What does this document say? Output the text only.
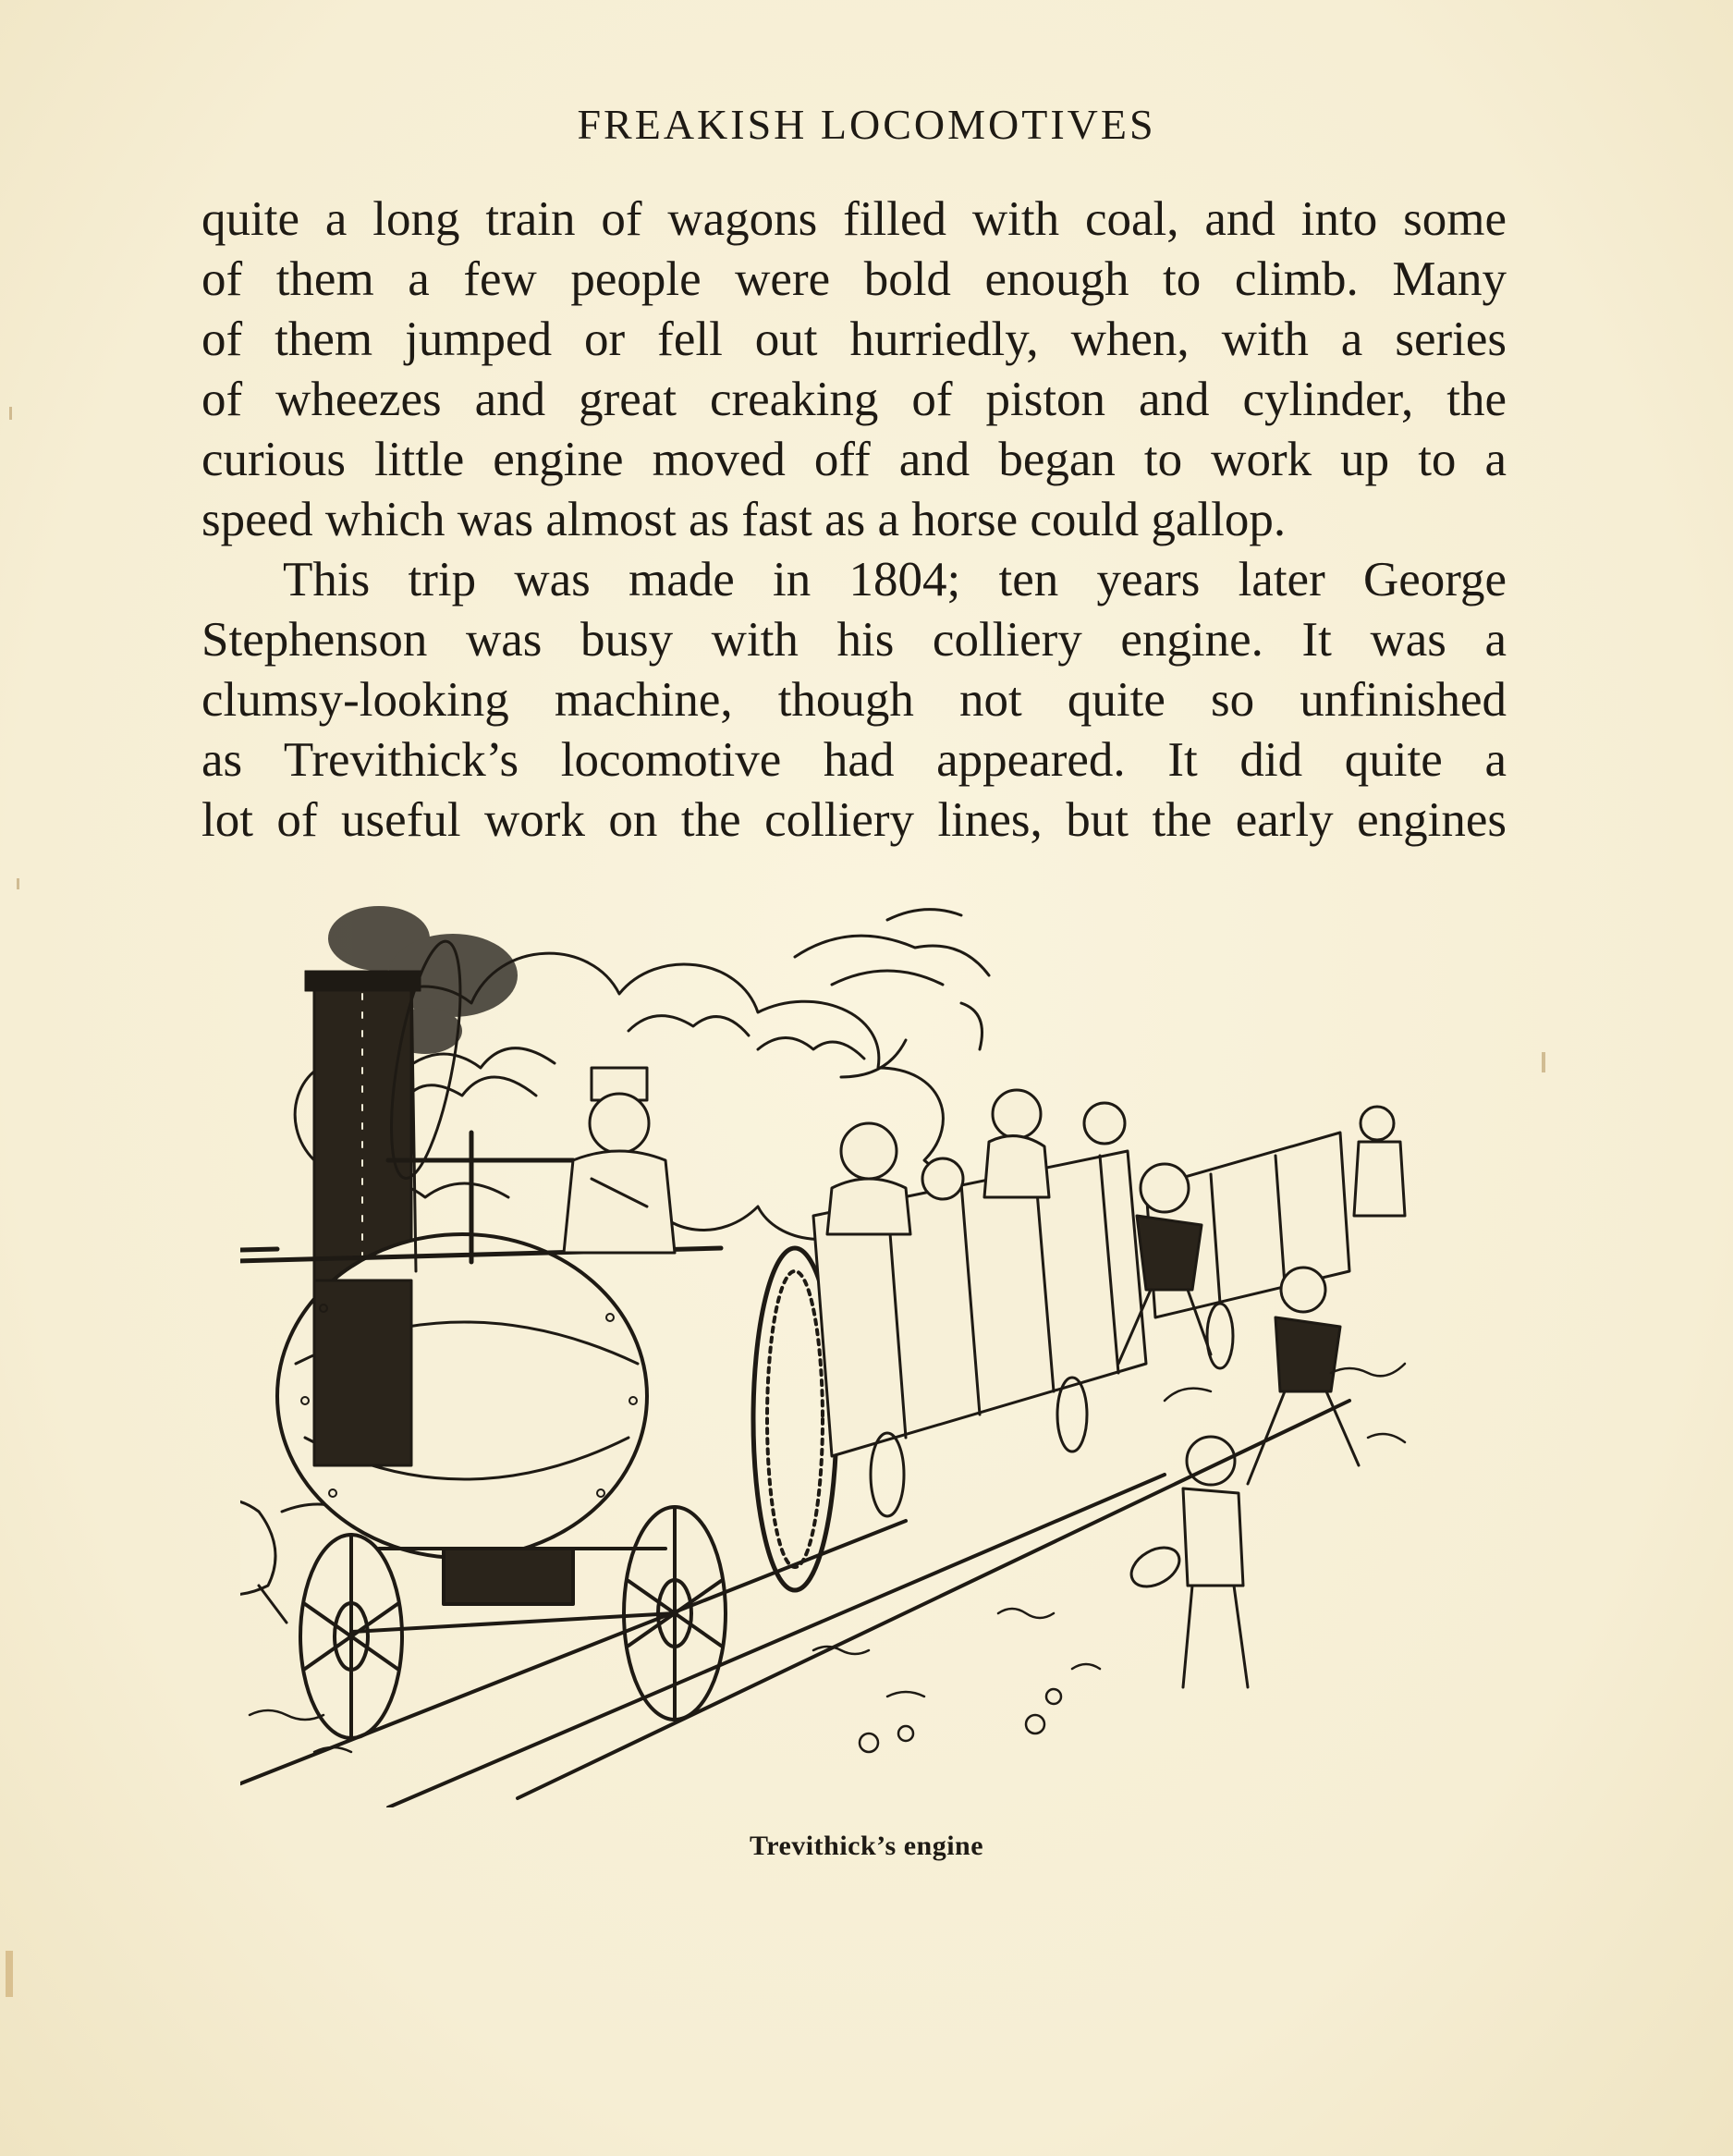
FREAKISH LOCOMOTIVES
quite a long train of wagons filled with coal, and into some
of them a few people were bold enough to climb. Many
of them jumped or fell out hurriedly, when, with a series
of wheezes and great creaking of piston and cylinder, the
curious little engine moved off and began to work up to a
speed which was almost as fast as a horse could gallop.
This trip was made in 1804; ten years later George
Stephenson was busy with his colliery engine. It was a
clumsy-looking machine, though not quite so unfinished
as Trevithick’s locomotive had appeared. It did quite a
lot of useful work on the colliery lines, but the early engines
Trevithick’s engine
